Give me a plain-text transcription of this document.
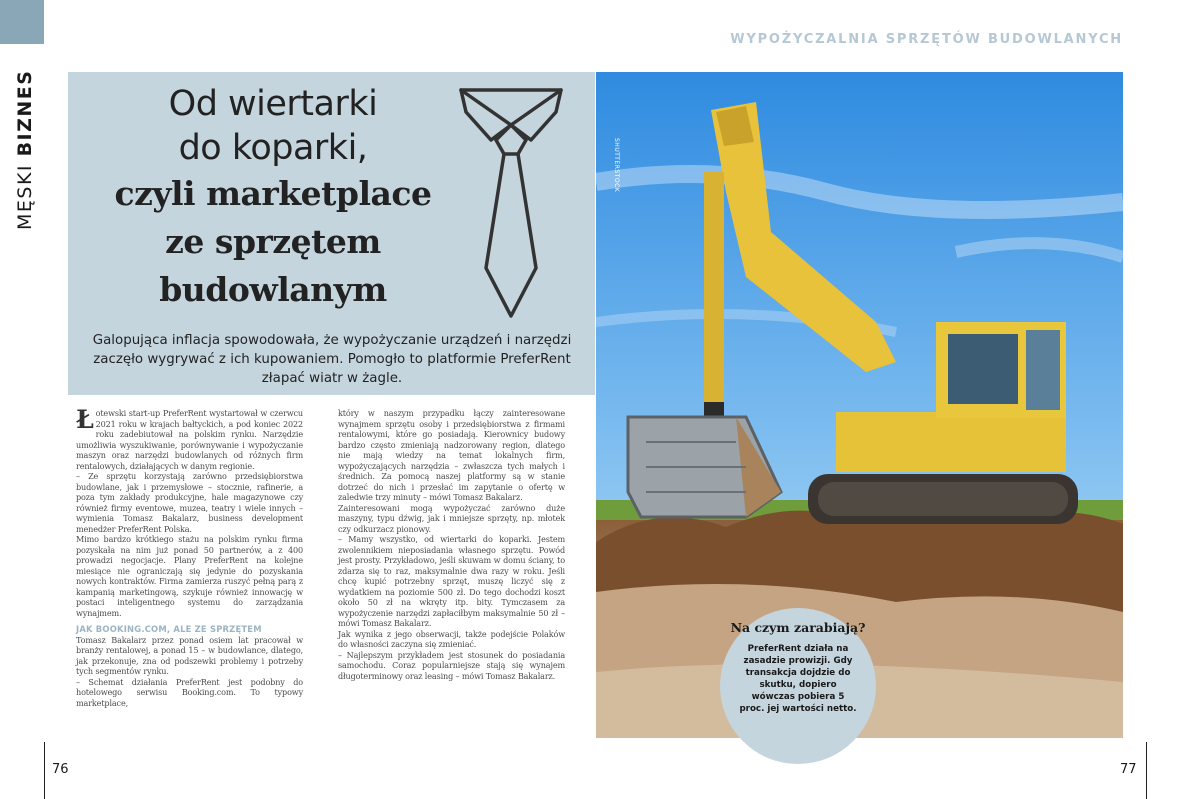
MĘSKI BIZNES
WYPOŻYCZALNIA SPRZĘTÓW BUDOWLANYCH
Od wiertarki
do koparki,
czyli marketplace
ze sprzętem
budowlanym

Galopująca inflacja spowodowała, że wypożyczanie urządzeń i narzędzi zaczęło wygrywać z ich kupowaniem. Pomogło to platformie PreferRent złapać wiatr w żagle.

SHUTTERSTOCK

Łotewski start-up PreferRent wystartował w czerwcu 2021 roku w krajach bałtyckich, a pod koniec 2022 roku zadebiutował na polskim rynku. Narzędzie umożliwia wyszukiwanie, porównywanie i wypożyczanie maszyn oraz narzędzi budowlanych od różnych firm rentalowych, działających w danym regionie.

– Ze sprzętu korzystają zarówno przedsiębiorstwa budowlane, jak i przemysłowe – stocznie, rafinerie, a poza tym zakłady produkcyjne, hale magazynowe czy również firmy eventowe, muzea, teatry i wiele innych – wymienia Tomasz Bakalarz, business development menedżer PreferRent Polska.

Mimo bardzo krótkiego stażu na polskim rynku firma pozyskała na nim już ponad 50 partnerów, a z 400 prowadzi negocjacje. Plany PreferRent na kolejne miesiące nie ograniczają się jedynie do pozyskania nowych kontraktów. Firma zamierza ruszyć pełną parą z kampanią marketingową, szykuje również innowację w postaci inteligentnego systemu do zarządzania wynajmem.

JAK BOOKING.COM, ALE ZE SPRZĘTEM

Tomasz Bakalarz przez ponad osiem lat pracował w branży rentalowej, a ponad 15 – w budowlance, dlatego, jak przekonuje, zna od podszewki problemy i potrzeby tych segmentów rynku.

– Schemat działania PreferRent jest podobny do hotelowego serwisu Booking.com. To typowy marketplace,

który w naszym przypadku łączy zainteresowane wynajmem sprzętu osoby i przedsiębiorstwa z firmami rentalowymi, które go posiadają. Kierownicy budowy bardzo często zmieniają nadzorowany region, dlatego nie mają wiedzy na temat lokalnych firm, wypożyczających narzędzia – zwłaszcza tych małych i średnich. Za pomocą naszej platformy są w stanie dotrzeć do nich i przesłać im zapytanie o ofertę w zaledwie trzy minuty – mówi Tomasz Bakalarz.

Zainteresowani mogą wypożyczać zarówno duże maszyny, typu dźwig, jak i mniejsze sprzęty, np. młotek czy odkurzacz pionowy.

– Mamy wszystko, od wiertarki do koparki. Jestem zwolennikiem nieposiadania własnego sprzętu. Powód jest prosty. Przykładowo, jeśli skuwam w domu ściany, to zdarza się to raz, maksymalnie dwa razy w roku. Jeśli chcę kupić potrzebny sprzęt, muszę liczyć się z wydatkiem na poziomie 500 zł. Do tego dochodzi koszt około 50 zł na wkręty itp. bity. Tymczasem za wypożyczenie narzędzi zapłaciłbym maksymalnie 50 zł – mówi Tomasz Bakalarz.

Jak wynika z jego obserwacji, także podejście Polaków do własności zaczyna się zmieniać.

– Najlepszym przykładem jest stosunek do posiadania samochodu. Coraz popularniejsze stają się wynajem długoterminowy oraz leasing – mówi Tomasz Bakalarz.

Na czym zarabiają?
PreferRent działa na zasadzie prowizji. Gdy transakcja dojdzie do skutku, dopiero wówczas pobiera 5 proc. jej wartości netto.
76	77
